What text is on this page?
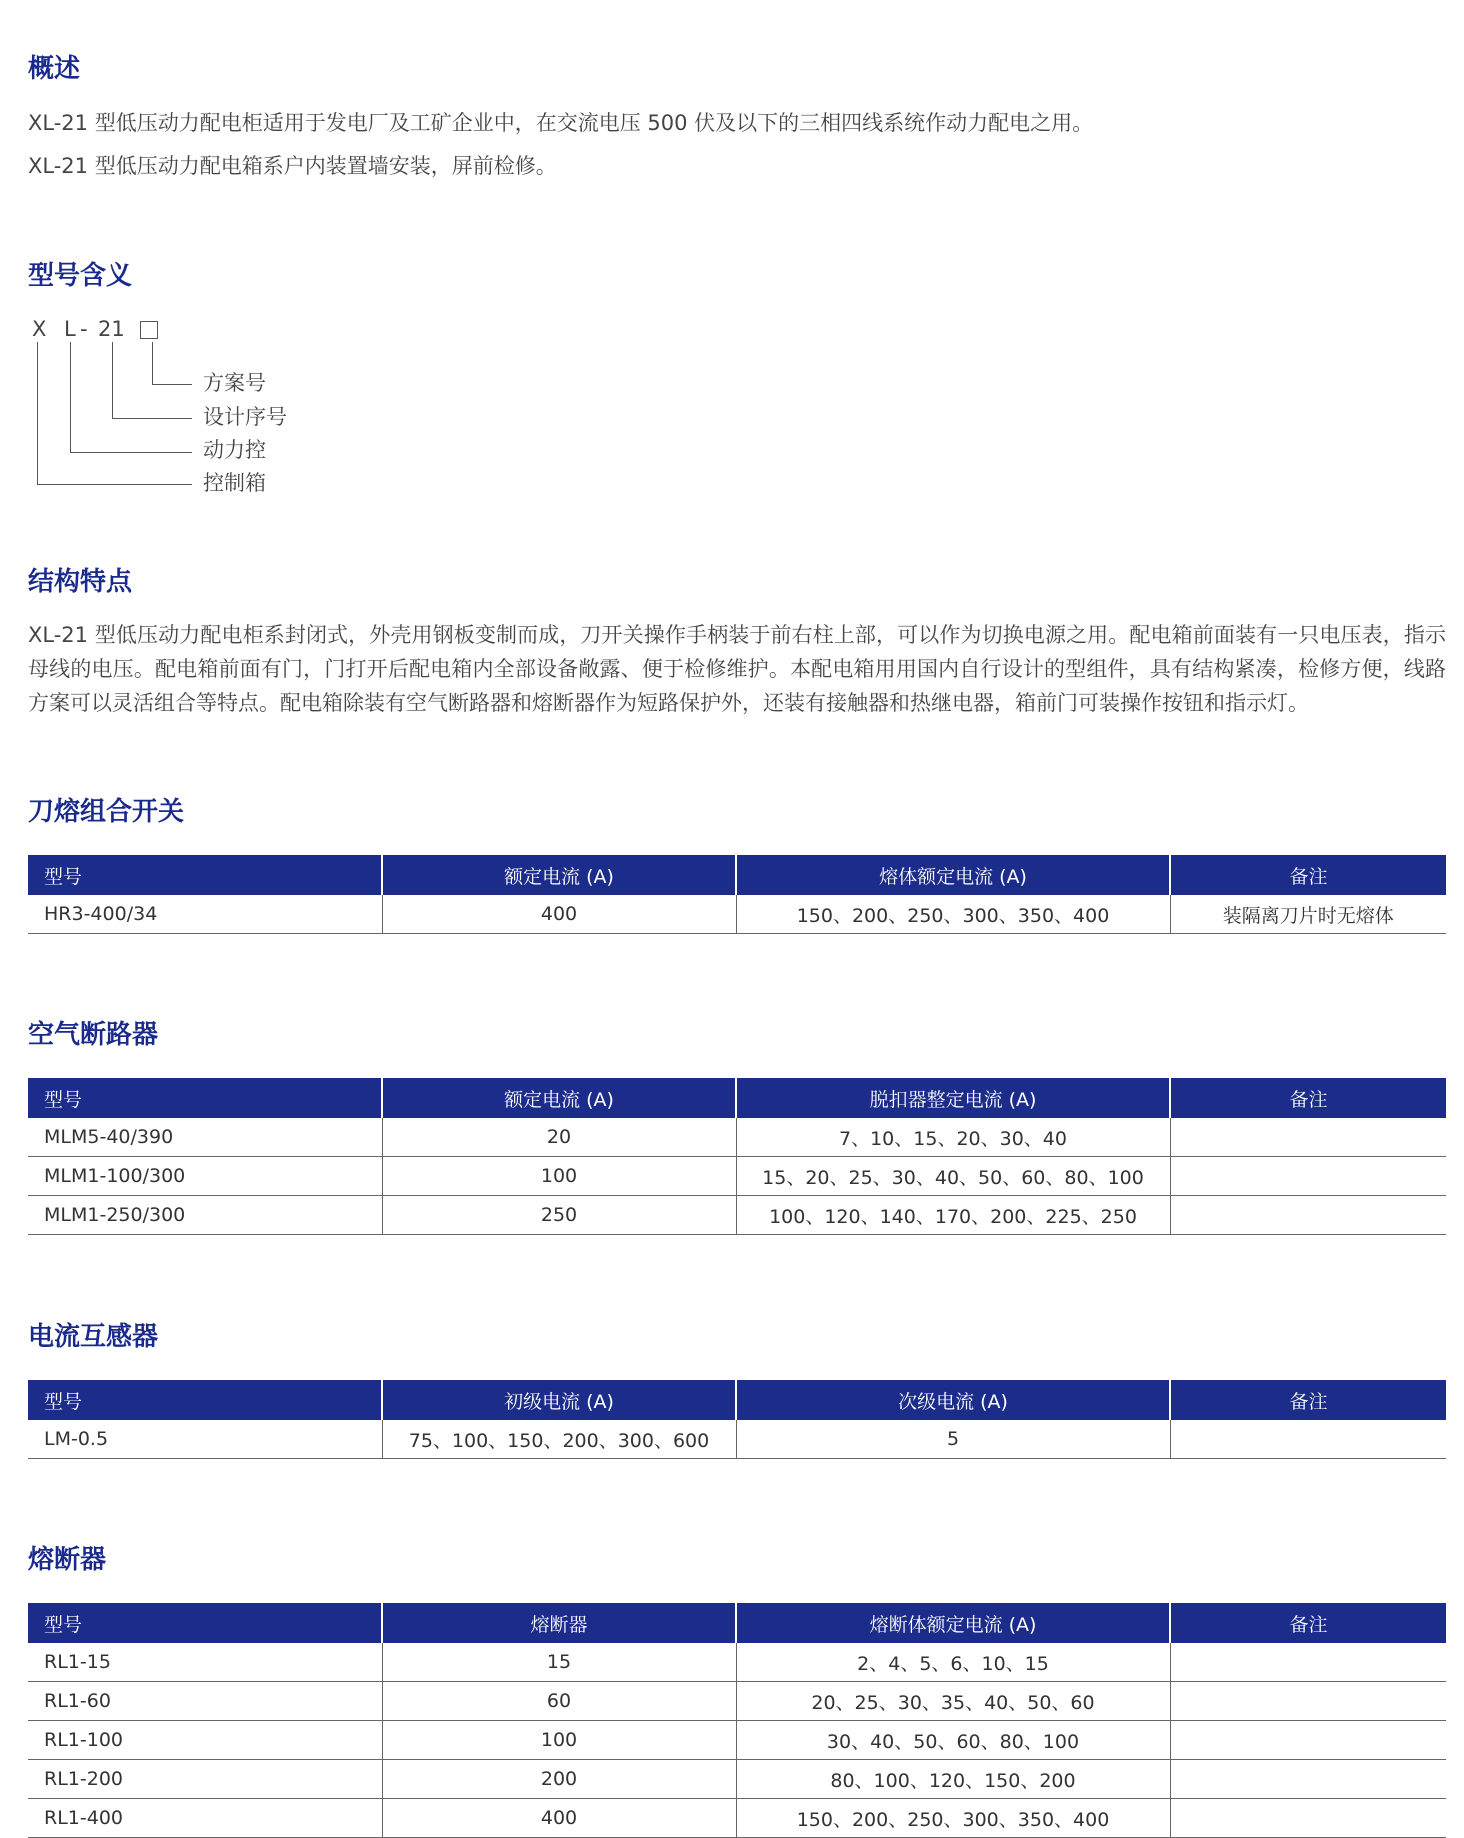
概述

XL-21 型低压动力配电柜适用于发电厂及工矿企业中，在交流电压 500 伏及以下的三相四线系统作动力配电之用。

XL-21 型低压动力配电箱系户内装置墙安装，屏前检修。

型号含义
X L - 21
方案号
设计序号
动力控
控制箱
结构特点

XL-21 型低压动力配电柜系封闭式，外壳用钢板变制而成，刀开关操作手柄装于前右柱上部，可以作为切换电源之用。配电箱前面装有一只电压表，指示母线的电压。配电箱前面有门，门打开后配电箱内全部设备敞露、便于检修维护。本配电箱用用国内自行设计的型组件，具有结构紧凑，检修方便，线路方案可以灵活组合等特点。配电箱除装有空气断路器和熔断器作为短路保护外，还装有接触器和热继电器，箱前门可装操作按钮和指示灯。

刀熔组合开关
型号	额定电流 (A)	熔体额定电流 (A)	备注
HR3-400/34	400	150、200、250、300、350、400	装隔离刀片时无熔体
空气断路器
型号	额定电流 (A)	脱扣器整定电流 (A)	备注
MLM5-40/390	20	7、10、15、20、30、40	
MLM1-100/300	100	15、20、25、30、40、50、60、80、100	
MLM1-250/300	250	100、120、140、170、200、225、250	
电流互感器
型号	初级电流 (A)	次级电流 (A)	备注
LM-0.5	75、100、150、200、300、600	5	
熔断器
型号	熔断器	熔断体额定电流 (A)	备注
RL1-15	15	2、4、5、6、10、15	
RL1-60	60	20、25、30、35、40、50、60	
RL1-100	100	30、40、50、60、80、100	
RL1-200	200	80、100、120、150、200	
RL1-400	400	150、200、250、300、350、400	
